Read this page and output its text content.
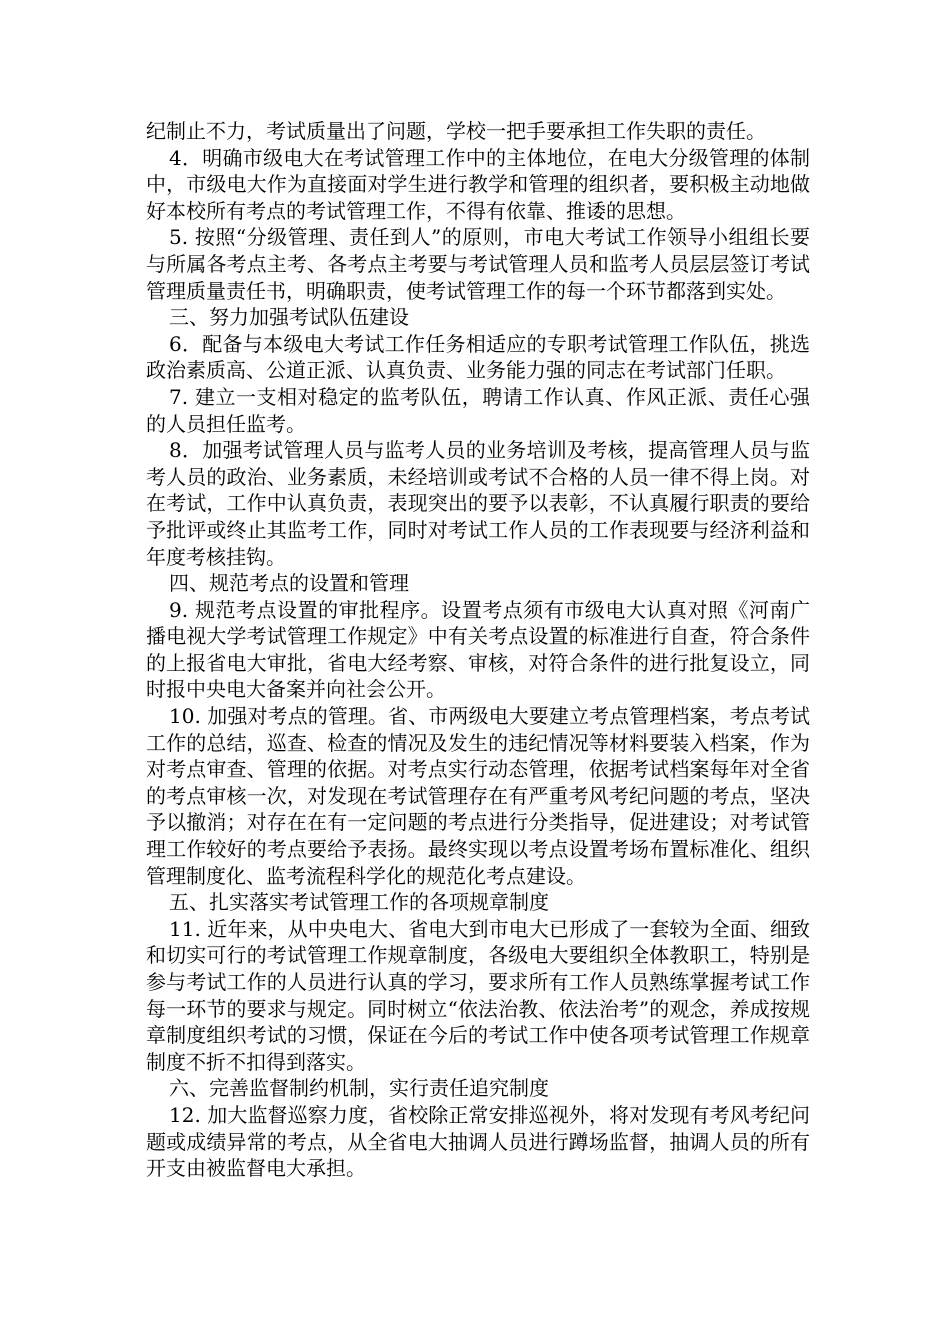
纪制止不力，考试质量出了问题，学校一把手要承担工作失职的责任。

4．明确市级电大在考试管理工作中的主体地位，在电大分级管理的体制中，市级电大作为直接面对学生进行教学和管理的组织者，要积极主动地做好本校所有考点的考试管理工作，不得有依靠、推诿的思想。

5. 按照“分级管理、责任到人”的原则，市电大考试工作领导小组组长要与所属各考点主考、各考点主考要与考试管理人员和监考人员层层签订考试管理质量责任书，明确职责，使考试管理工作的每一个环节都落到实处。

三、努力加强考试队伍建设

6．配备与本级电大考试工作任务相适应的专职考试管理工作队伍，挑选政治素质高、公道正派、认真负责、业务能力强的同志在考试部门任职。

7. 建立一支相对稳定的监考队伍，聘请工作认真、作风正派、责任心强的人员担任监考。

8．加强考试管理人员与监考人员的业务培训及考核，提高管理人员与监考人员的政治、业务素质，未经培训或考试不合格的人员一律不得上岗。对在考试，工作中认真负责，表现突出的要予以表彰，不认真履行职责的要给予批评或终止其监考工作，同时对考试工作人员的工作表现要与经济利益和年度考核挂钩。

四、规范考点的设置和管理

9. 规范考点设置的审批程序。设置考点须有市级电大认真对照《河南广播电视大学考试管理工作规定》中有关考点设置的标准进行自查，符合条件的上报省电大审批，省电大经考察、审核，对符合条件的进行批复设立，同时报中央电大备案并向社会公开。

10. 加强对考点的管理。省、市两级电大要建立考点管理档案，考点考试工作的总结，巡查、检查的情况及发生的违纪情况等材料要装入档案，作为对考点审查、管理的依据。对考点实行动态管理，依据考试档案每年对全省的考点审核一次，对发现在考试管理存在有严重考风考纪问题的考点，坚决予以撤消；对存在在有一定问题的考点进行分类指导，促进建设；对考试管理工作较好的考点要给予表扬。最终实现以考点设置考场布置标准化、组织管理制度化、监考流程科学化的规范化考点建设。

五、扎实落实考试管理工作的各项规章制度

11. 近年来，从中央电大、省电大到市电大已形成了一套较为全面、细致和切实可行的考试管理工作规章制度，各级电大要组织全体教职工，特别是参与考试工作的人员进行认真的学习，要求所有工作人员熟练掌握考试工作每一环节的要求与规定。同时树立“依法治教、依法治考”的观念，养成按规章制度组织考试的习惯，保证在今后的考试工作中使各项考试管理工作规章制度不折不扣得到落实。

六、完善监督制约机制，实行责任追究制度

12. 加大监督巡察力度，省校除正常安排巡视外，将对发现有考风考纪问题或成绩异常的考点，从全省电大抽调人员进行蹲场监督，抽调人员的所有开支由被监督电大承担。
